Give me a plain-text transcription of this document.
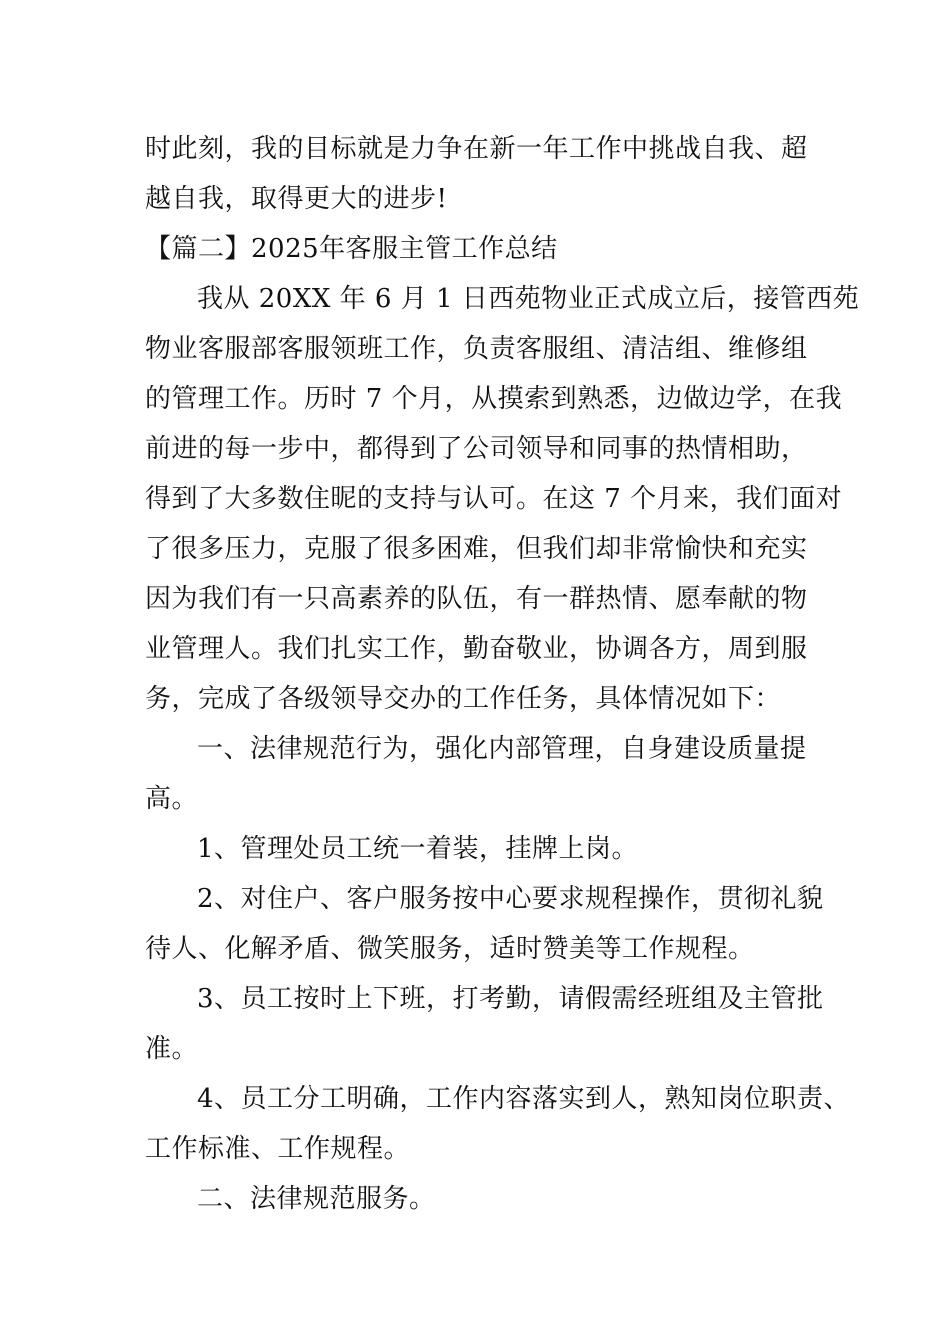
时此刻，我的目标就是力争在新一年工作中挑战自我、超
越自我，取得更大的进步!
【篇二】2025年客服主管工作总结
我从 20XX 年 6 月 1 日西苑物业正式成立后，接管西苑
物业客服部客服领班工作，负责客服组、清洁组、维修组
的管理工作。历时 7 个月，从摸索到熟悉，边做边学，在我
前进的每一步中，都得到了公司领导和同事的热情相助，
得到了大多数住昵的支持与认可。在这 7 个月来，我们面对
了很多压力，克服了很多困难，但我们却非常愉快和充实
因为我们有一只高素养的队伍，有一群热情、愿奉献的物
业管理人。我们扎实工作，勤奋敬业，协调各方，周到服
务，完成了各级领导交办的工作任务，具体情况如下：
一、法律规范行为，强化内部管理，自身建设质量提
高。
1、管理处员工统一着装，挂牌上岗。
2、对住户、客户服务按中心要求规程操作，贯彻礼貌
待人、化解矛盾、微笑服务，适时赞美等工作规程。
3、员工按时上下班，打考勤，请假需经班组及主管批
准。
4、员工分工明确，工作内容落实到人，熟知岗位职责、
工作标准、工作规程。
二、法律规范服务。
